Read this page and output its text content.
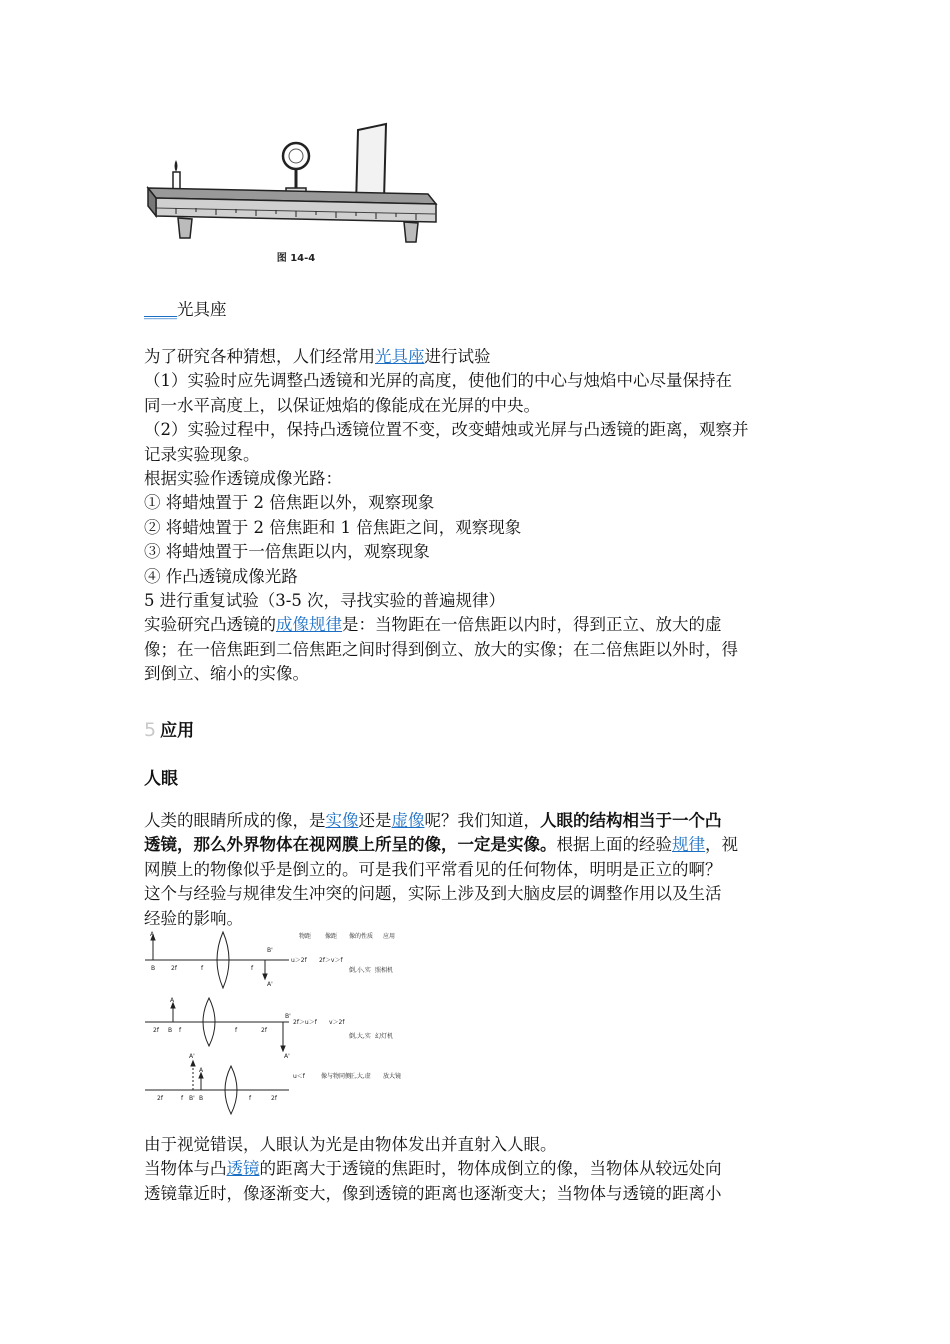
图 14-4
____光具座
为了研究各种猜想，人们经常用光具座进行试验
（1）实验时应先调整凸透镜和光屏的高度，使他们的中心与烛焰中心尽量保持在
同一水平高度上，以保证烛焰的像能成在光屏的中央。
（2）实验过程中，保持凸透镜位置不变，改变蜡烛或光屏与凸透镜的距离，观察并
记录实验现象。
根据实验作透镜成像光路：
① 将蜡烛置于 2 倍焦距以外，观察现象
② 将蜡烛置于 2 倍焦距和 1 倍焦距之间，观察现象
③ 将蜡烛置于一倍焦距以内，观察现象
④ 作凸透镜成像光路
5 进行重复试验（3-5 次，寻找实验的普遍规律）
实验研究凸透镜的成像规律是：当物距在一倍焦距以内时，得到正立、放大的虚
像；在一倍焦距到二倍焦距之间时得到倒立、放大的实像；在二倍焦距以外时，得
到倒立、缩小的实像。
5 应用
人眼
人类的眼睛所成的像，是实像还是虚像呢？我们知道，人眼的结构相当于一个凸
透镜，那么外界物体在视网膜上所呈的像，一定是实像。根据上面的经验规律，视
网膜上的物像似乎是倒立的。可是我们平常看见的任何物体，明明是正立的啊？
这个与经验与规律发生冲突的问题，实际上涉及到大脑皮层的调整作用以及生活
经验的影响。
物距 像距 像的性质 应用
A
B	2f	f	f
B'
A'
u＞2f 2f＞v＞f
倒,小,实 照相机
A
2f B f	f	2f
B'
A'
2f＞u＞f v＞2f
倒,大,实 幻灯机
A'
A
2f	f B' B	f	2f
u＜f	像与物同侧
正,大,虚 放大镜
由于视觉错误，人眼认为光是由物体发出并直射入人眼。
当物体与凸透镜的距离大于透镜的焦距时，物体成倒立的像，当物体从较远处向
透镜靠近时，像逐渐变大，像到透镜的距离也逐渐变大；当物体与透镜的距离小
